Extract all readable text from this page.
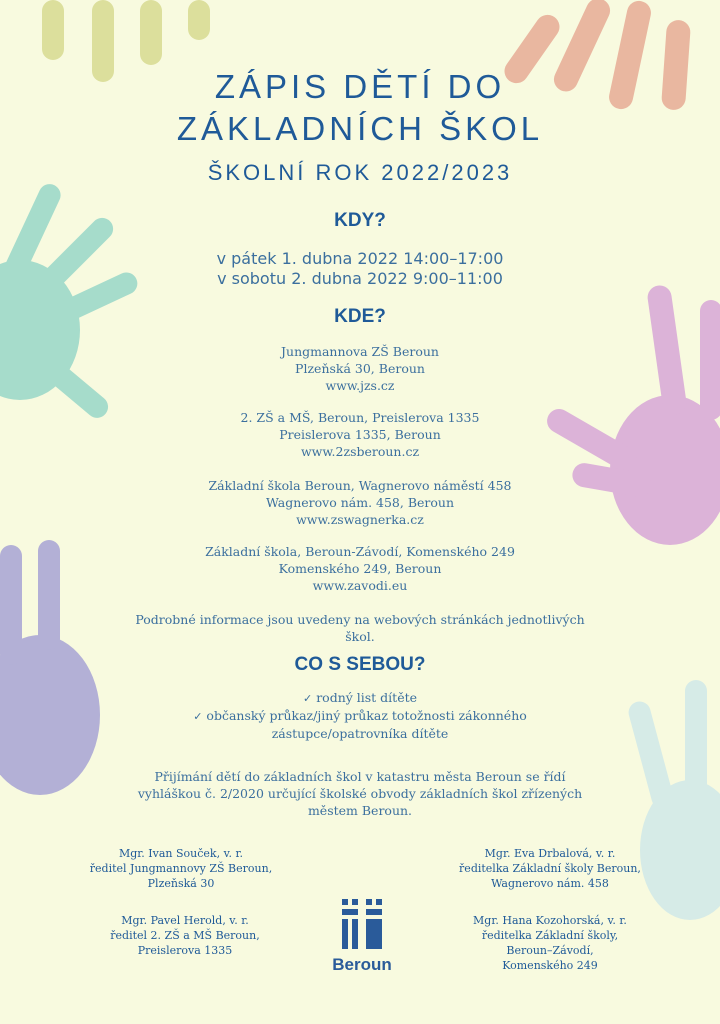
ZÁPIS DĚTÍ DO
ZÁKLADNÍCH ŠKOL
ŠKOLNÍ ROK 2022/2023
KDY?
v pátek 1. dubna 2022 14:00–17:00
v sobotu 2. dubna 2022 9:00–11:00
KDE?

Jungmannova ZŠ Beroun

Plzeňská 30, Beroun

www.jzs.cz

2. ZŠ a MŠ, Beroun, Preislerova 1335

Preislerova 1335, Beroun

www.2zsberoun.cz

Základní škola Beroun, Wagnerovo náměstí 458

Wagnerovo nám. 458, Beroun

www.zswagnerka.cz

Základní škola, Beroun-Závodí, Komenského 249

Komenského 249, Beroun

www.zavodi.eu

Podrobné informace jsou uvedeny na webových stránkách jednotlivých

škol.

CO S SEBOU?

✓ rodný list dítěte

✓ občanský průkaz/jiný průkaz totožnosti zákonného

zástupce/opatrovníka dítěte

Přijímání dětí do základních škol v katastru města Beroun se řídí

vyhláškou č. 2/2020 určující školské obvody základních škol zřízených

městem Beroun.

Mgr. Ivan Souček, v. r.

ředitel Jungmannovy ZŠ Beroun,

Plzeňská 30

Mgr. Pavel Herold, v. r.

ředitel 2. ZŠ a MŠ Beroun,

Preislerova 1335

Mgr. Eva Drbalová, v. r.

ředitelka Základní školy Beroun,

Wagnerovo nám. 458

Mgr. Hana Kozohorská, v. r.

ředitelka Základní školy,

Beroun–Závodí,

Komenského 249

Beroun
